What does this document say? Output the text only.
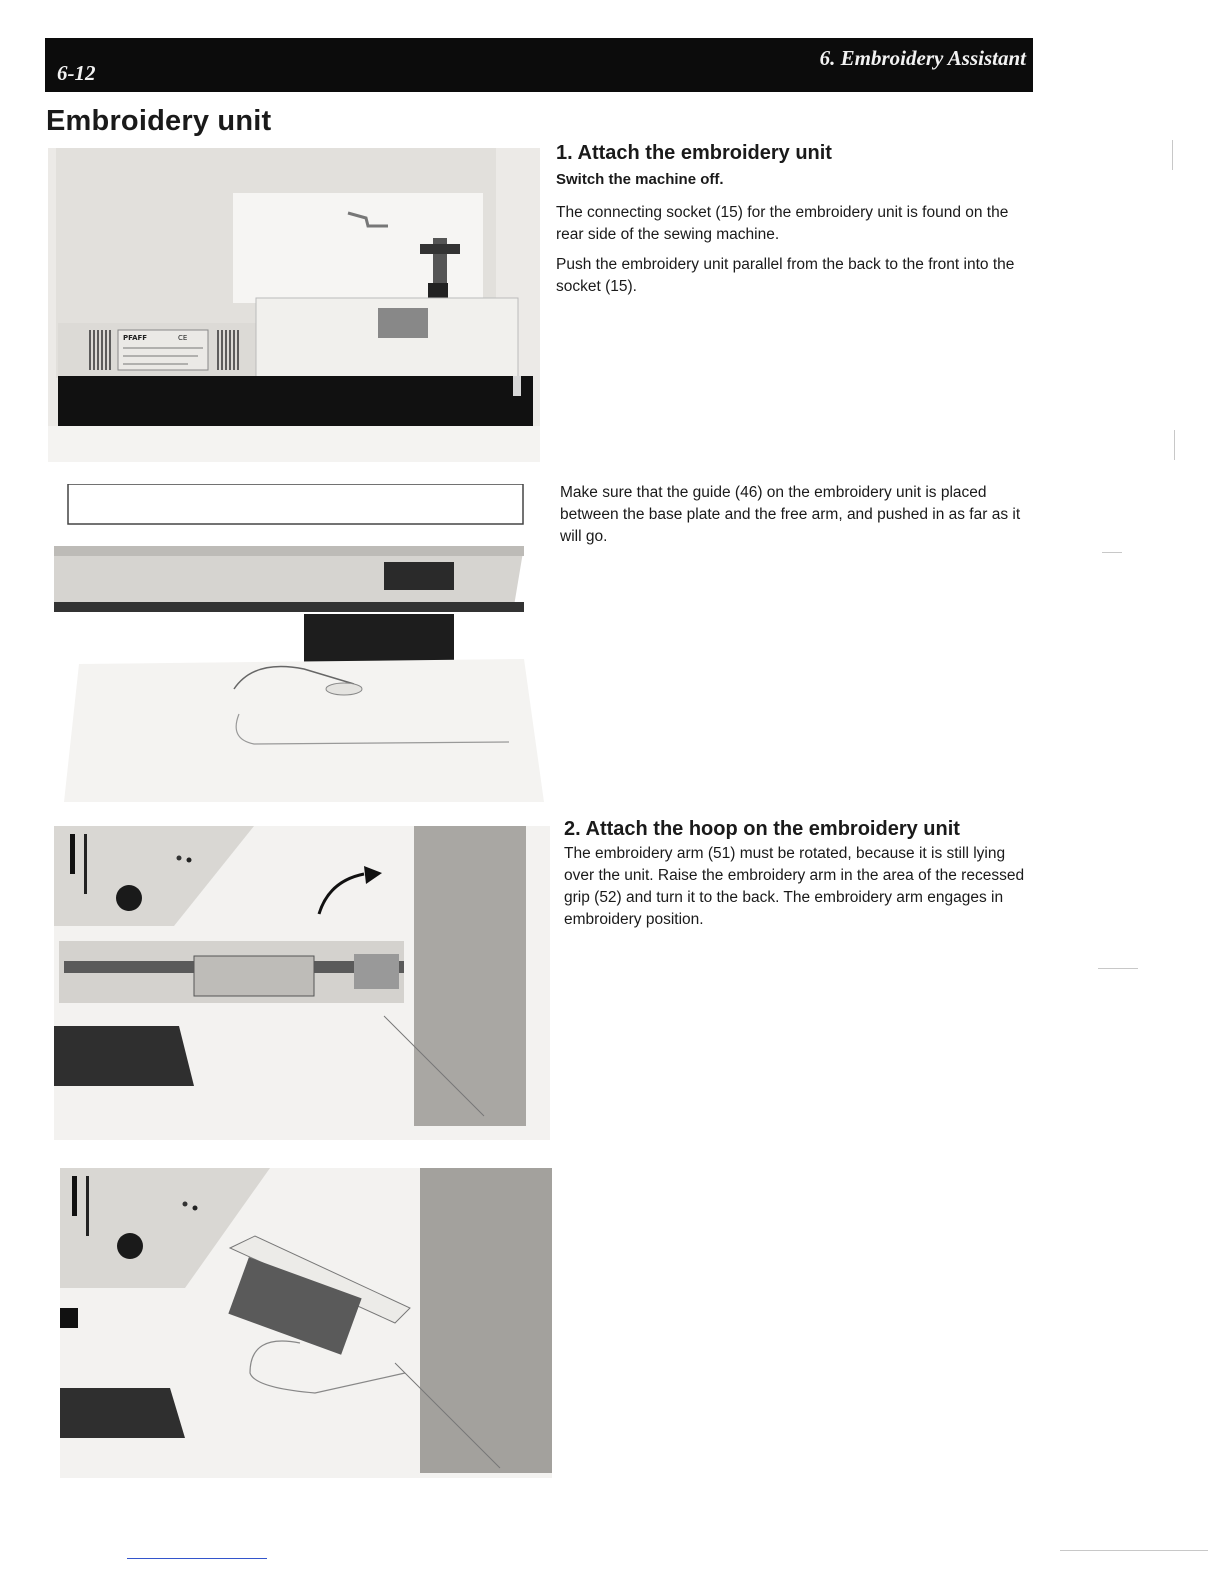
6-12
6. Embroidery Assistant
Embroidery unit
PFAFF	CE
1. Attach the embroidery unit

Switch the machine off.

The connecting socket (15) for the embroidery unit is found on the rear side of the sewing machine.

Push the embroidery unit parallel from the back to the front into the socket (15).

Make sure that the guide (46) on the embroidery unit is placed between the base plate and the free arm, and pushed in as far as it will go.

2. Attach the hoop on the embroidery unit

The embroidery arm (51) must be rotated, because it is still lying over the unit. Raise the embroidery arm in the area of the recessed grip (52) and turn it to the back. The embroidery arm engages in embroidery position.
